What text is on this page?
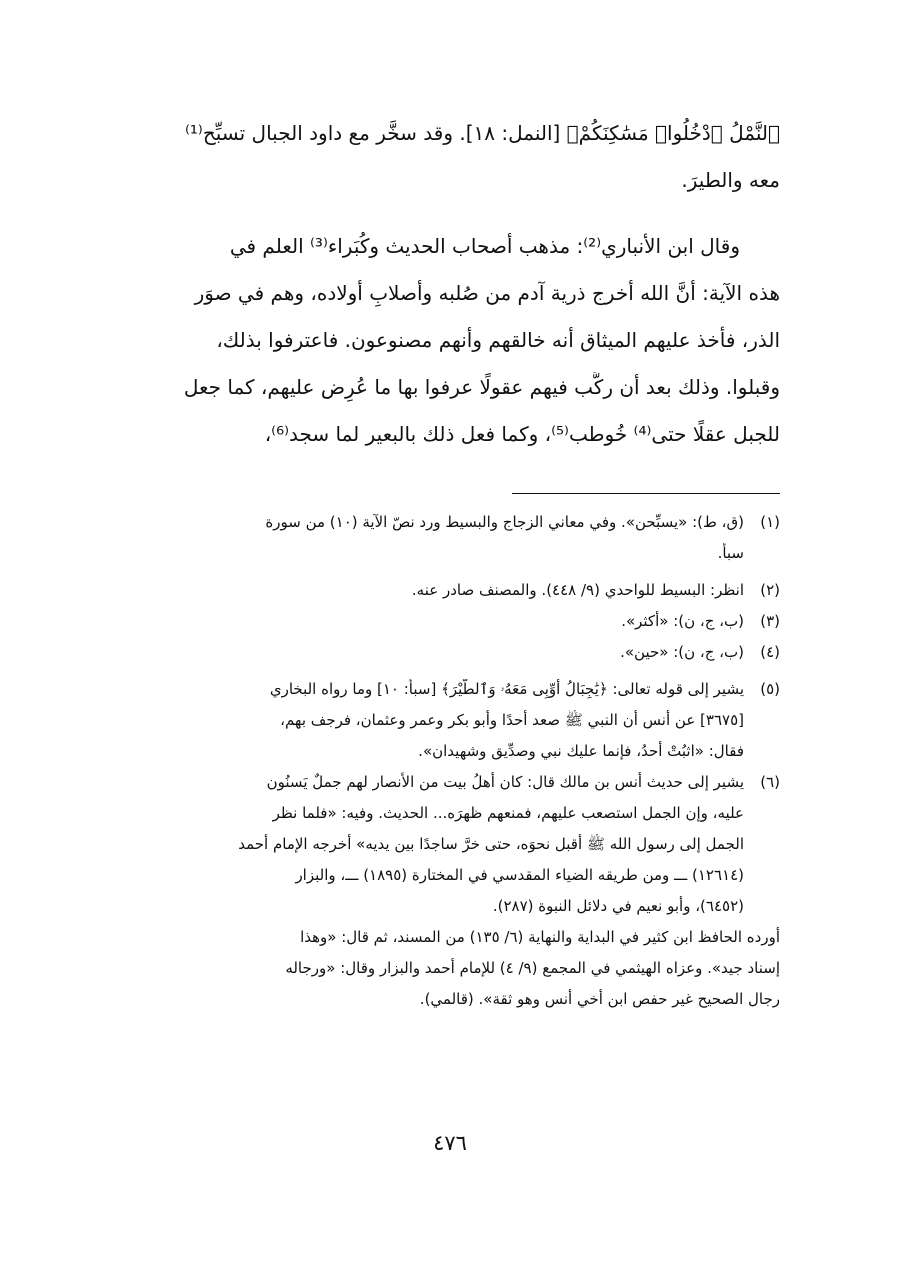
ﭐﻟﻨَّﻤْﻞُ ﭐدْﺧُﻠُﻮا۟ ﻣَﺴَٰﻜِﻨَﻜُﻢْ﴾ [النمل: ١٨]. وقد سخَّر مع داود الجبال تسبِّح⁽¹⁾
معه والطيرَ.
وقال ابن الأنباري⁽²⁾: مذهب أصحاب الحديث وكُبَراء⁽³⁾ العلم في
هذه الآية: أنَّ الله أخرج ذرية آدم من صُلبه وأصلابِ أولاده، وهم في صوَر
الذر، فأخذ عليهم الميثاق أنه خالقهم وأنهم مصنوعون. فاعترفوا بذلك،
وقبلوا. وذلك بعد أن ركَّب فيهم عقولًا عرفوا بها ما عُرِض عليهم، كما جعل
للجبل عقلًا حتى⁽⁴⁾ خُوطب⁽⁵⁾، وكما فعل ذلك بالبعير لما سجد⁽⁶⁾،
(١)(ق، ط): «يسبِّحن». وفي معاني الزجاج والبسيط ورد نصّ الآية (١٠) من سورة
سبأ.
(٢)انظر: البسيط للواحدي (٩/ ٤٤٨). والمصنف صادر عنه.
(٣)(ب، ج، ن): «أكثر».
(٤)(ب، ج، ن): «حين».
(٥)يشير إلى قوله تعالى: ﴿يَٰجِبَالُ أَوِّبِى مَعَهُۥ وَٱلطَّيْرَ﴾ [سبأ: ١٠] وما رواه البخاري
[٣٦٧٥] عن أنس أن النبي ﷺ صعد أحدًا وأبو بكر وعمر وعثمان، فرجف بهم،
فقال: «اثبُتْ أحدُ، فإنما عليك نبي وصدِّيق وشهيدان».
(٦)يشير إلى حديث أنس بن مالك قال: كان أهلُ بيت من الأنصار لهم جملٌ يَسنُون
عليه، وإن الجمل استصعب عليهم، فمنعهم ظهرَه... الحديث. وفيه: «فلما نظر
الجمل إلى رسول الله ﷺ أقبل نحوَه، حتى خرَّ ساجدًا بين يديه» أخرجه الإمام أحمد
(١٢٦١٤) ـــ ومن طريقه الضياء المقدسي في المختارة (١٨٩٥) ـــ، والبزار
(٦٤٥٢)، وأبو نعيم في دلائل النبوة (٢٨٧).
أورده الحافظ ابن كثير في البداية والنهاية (٦/ ١٣٥) من المسند، ثم قال: «وهذا
إسناد جيد». وعزاه الهيثمي في المجمع (٩/ ٤) للإمام أحمد والبزار وقال: «ورجاله
رجال الصحيح غير حفص ابن أخي أنس وهو ثقة». (قالمي).
٤٧٦
